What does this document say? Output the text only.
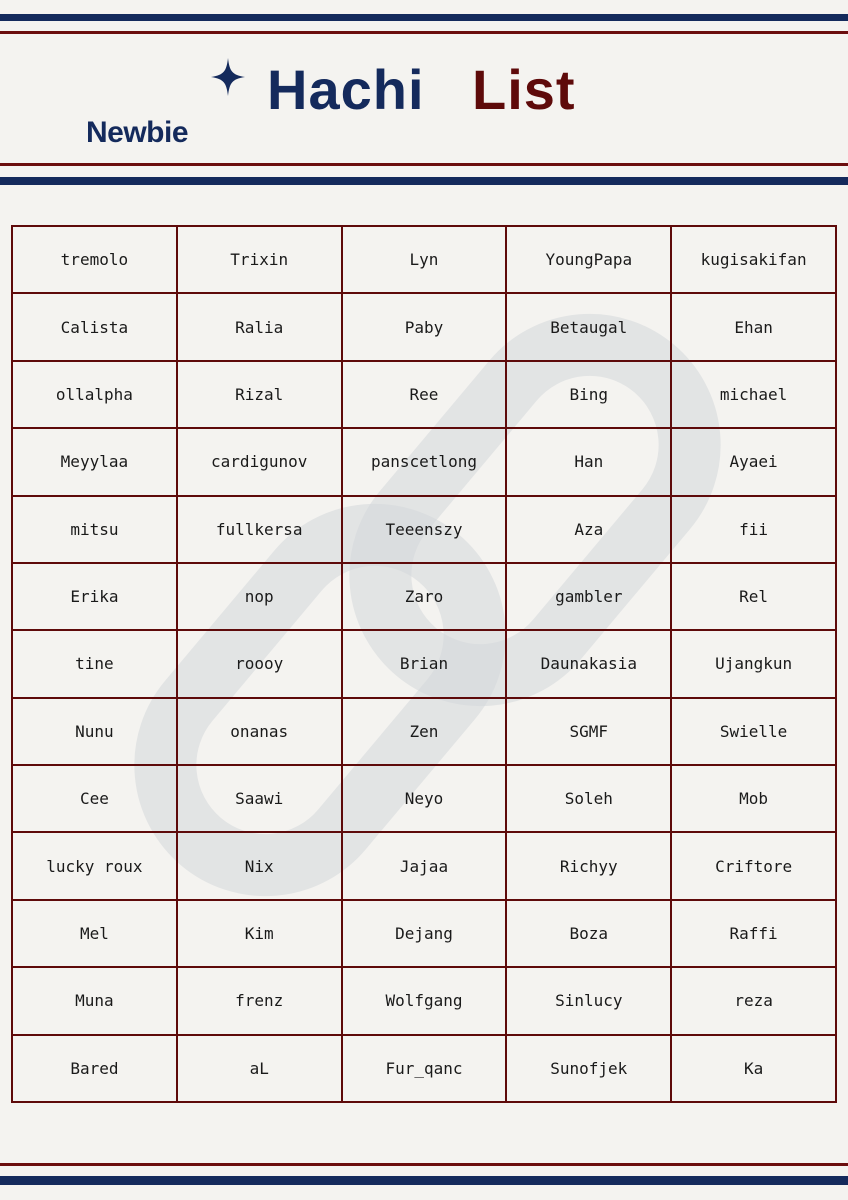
Hachi List
Newbie
tremolo	Trixin	Lyn	YoungPapa	kugisakifan
Calista	Ralia	Paby	Betaugal	Ehan
ollalpha	Rizal	Ree	Bing	michael
Meyylaa	cardigunov	panscetlong	Han	Ayaei
mitsu	fullkersa	Teeenszy	Aza	fii
Erika	nop	Zaro	gambler	Rel
tine	roooy	Brian	Daunakasia	Ujangkun
Nunu	onanas	Zen	SGMF	Swielle
Cee	Saawi	Neyo	Soleh	Mob
lucky roux	Nix	Jajaa	Richyy	Criftore
Mel	Kim	Dejang	Boza	Raffi
Muna	frenz	Wolfgang	Sinlucy	reza
Bared	aL	Fur_qanc	Sunofjek	Ka
